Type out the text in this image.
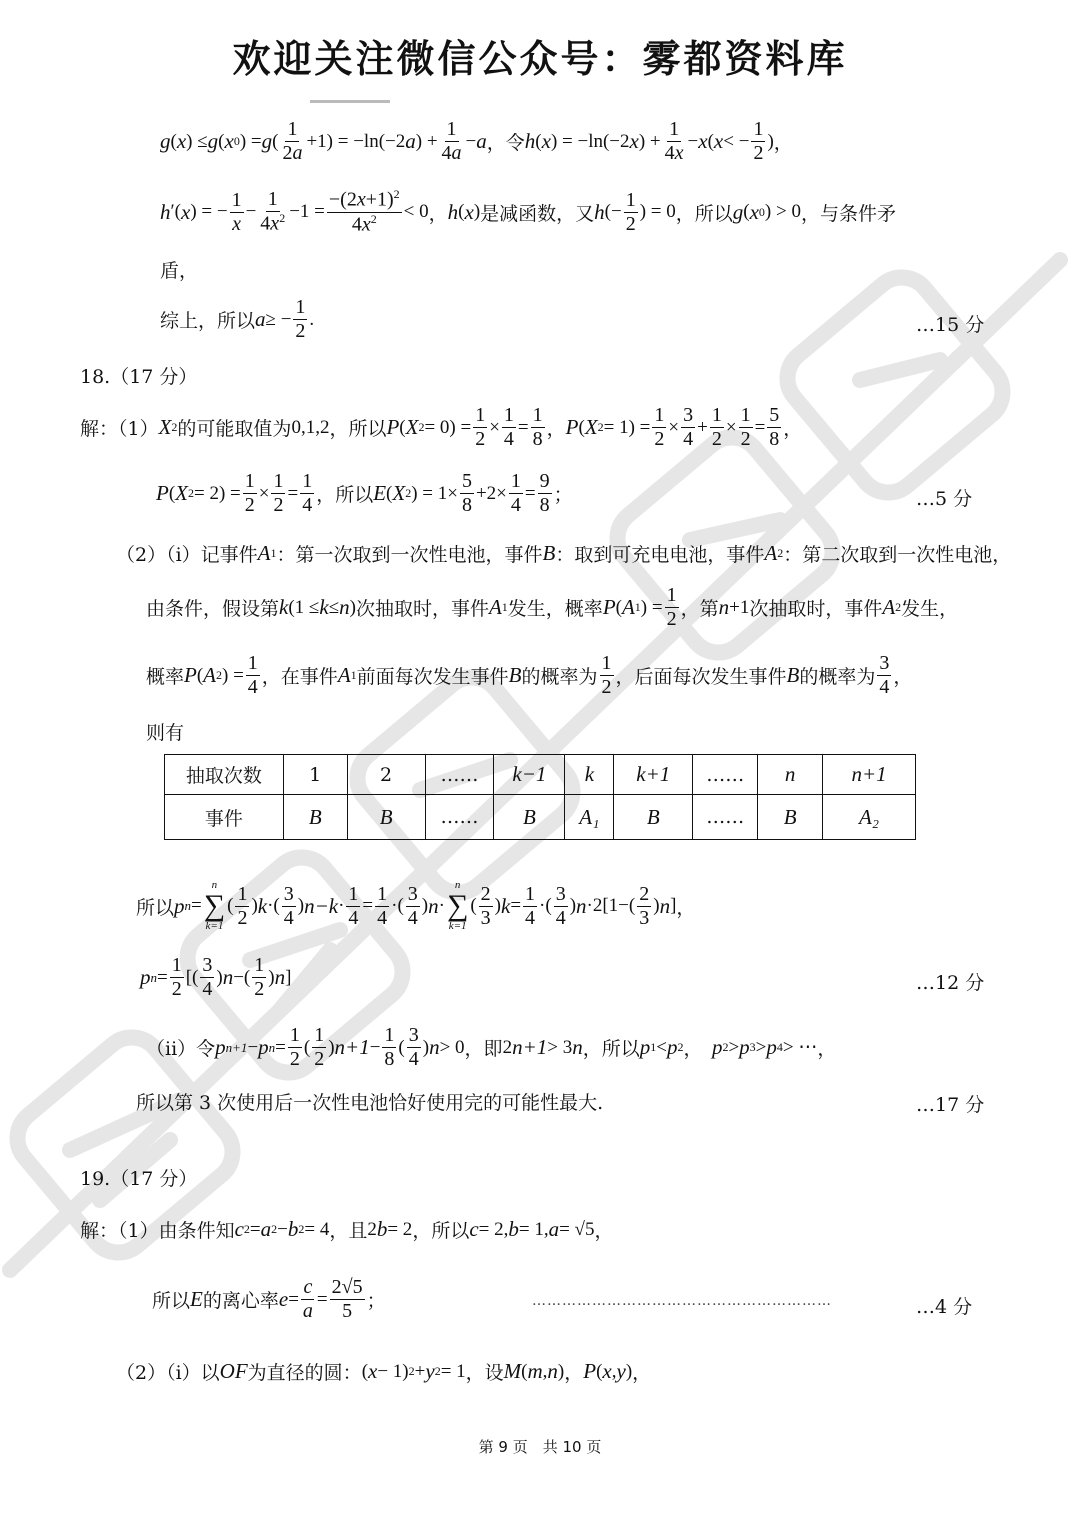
欢迎关注微信公众号：雾都资料库
g ( x ) ≤ g ( x 0 ) = g ( $\frac{1}{2a} +1) = -\ln(-2$ a ) + $\frac{1}{4a} - a$ ，令 h ( x ) = −ln(−2 x ) + $\frac{1}{4x} - x$ ( x < − $\frac{1}{2}$ ) ，
h ′( x ) = − $\frac{1}{x} - \frac{1}{4x^2} -1 = \frac{-(2x+1)^2}{4x^2} < 0$ ， h ( x ) 是减函数，又 h (− $\frac{1}{2}$ ) = 0 ，所以 g ( x 0 ) > 0 ，与条件矛
盾，
综上，所以 a ≥ − $\frac{1}{2}$ .	…15 分
18.（17 分）
解：（1） X 2 的可能取值为 0,1,2 ，所以 P ( X $2 = 0) = \frac{1}{2} \times \frac{1}{4} = \frac{1}{8}$ ， P ( X $2 = 1) = \frac{1}{2} \times \frac{3}{4} + \frac{1}{2} \times \frac{1}{2} = \frac{5}{8}$ ，
P ( X $2 = 2) = \frac{1}{2} \times \frac{1}{2} = \frac{1}{4}$ ，所以 E ( X 2 ) = $1\times \frac{5}{8} +2\times \frac{1}{4} = \frac{9}{8}$ ；	…5 分
（2）（i）记事件 A 1 ：第一次取到一次性电池，事件 B ：取到可充电电池，事件 A 2 ：第二次取到一次性电池，
由条件，假设第 k (1 ≤ k ≤ n ) 次抽取时，事件 A 1 发生，概率 P ( A 1 ) = $\frac{1}{2}$ ，第 n +1 次抽取时，事件 A 2 发生，
概率 P ( A 2 ) = $\frac{1}{4}$ ，在事件 A 1 前面每次发生事件 B 的概率为 $\frac{1}{2}$ ，后面每次发生事件 B 的概率为 $\frac{3}{4}$ ，
则有
抽取次数	1	2	……	k−1	k	k+1	……	n	n+1
事件	B	B	……	B	A₁	B	……	B	A₂
所以 p n =
n
∑
k=1
( $\frac{1}{2}$ ) k ·( $\frac{3}{4}$ ) $n-k \cdot \frac{1}{4} = \frac{1}{4}$ ·( $\frac{3}{4}$ ) n ·
n
∑
k=1
( $\frac{2}{3}$ ) $k = \frac{1}{4}$ ·( $\frac{3}{4}$ ) $n \cdot 2[1-( \frac{2}{3}$ ) n ] ，
p $n = \frac{1}{2}$ [( $\frac{3}{4}$ ) n −( $\frac{1}{2}$ ) n ]	…12 分
（ii）令 p n+1 − p $n = \frac{1}{2}$ ( $\frac{1}{2}$ ) $n+1 - \frac{1}{8}$ ( $\frac{3}{4}$ ) n > 0 ，即 2 n+1 > 3 n ，所以 p 1 < p 2 ， p 2 > p 3 > p 4 > ⋯ ，
所以第 3 次使用后一次性电池恰好使用完的可能性最大.	…17 分
19.（17 分）
解：（1）由条件知 c 2 = a 2 − b 2 = 4 ，且 2 b = 2 ，所以 c = 2, b = 1, a = √5 ，
所以 E 的离心率 $e = \frac{c}{a} = \frac{2√5}{5}$ ；	……………………………………………………	…4 分
（2）（i）以 OF 为直径的圆： ( x − 1) 2 + y 2 = 1 ，设 M ( m , n ) ， P ( x , y ) ，
第 9 页　共 10 页
